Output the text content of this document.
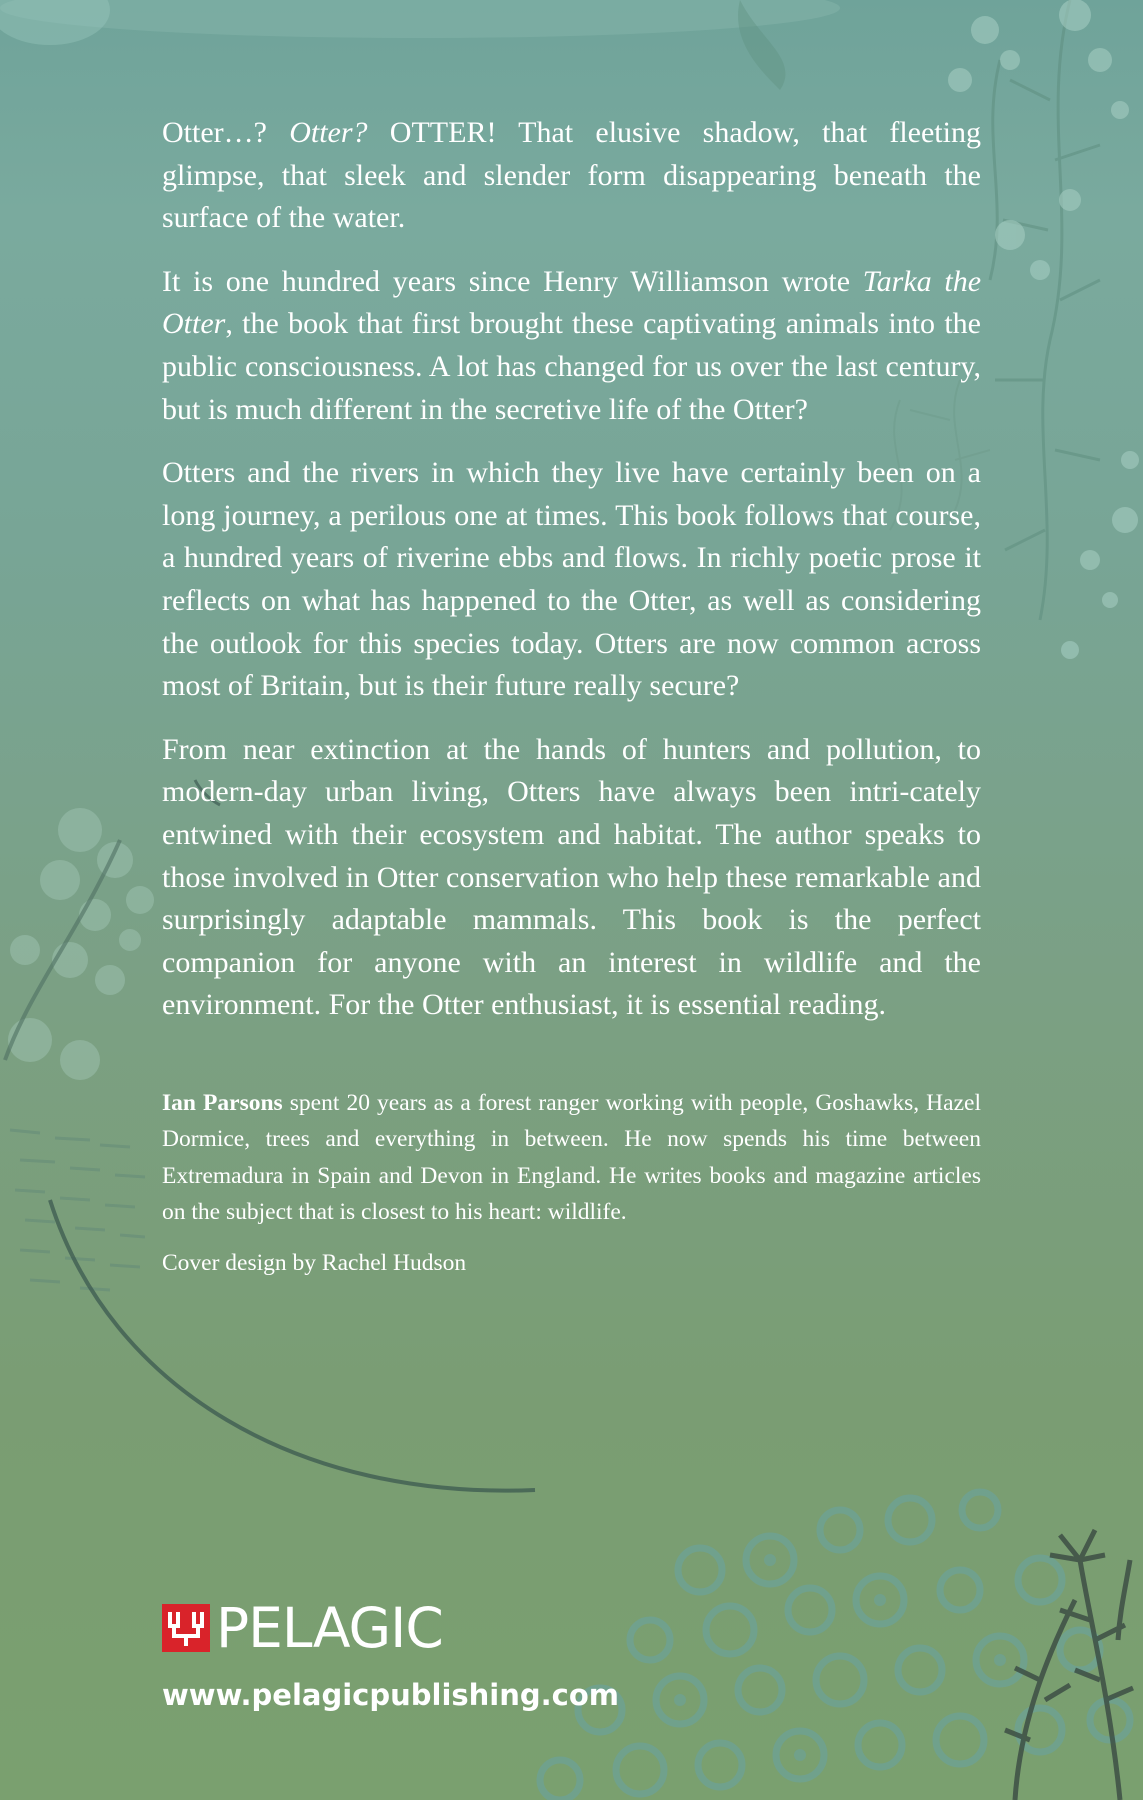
Otter…? Otter? OTTER! That elusive shadow, that fleeting glimpse, that sleek and slender form disappearing beneath the surface of the water.

It is one hundred years since Henry Williamson wrote Tarka the Otter, the book that first brought these captivating animals into the public consciousness. A lot has changed for us over the last century, but is much different in the secretive life of the Otter?

Otters and the rivers in which they live have certainly been on a long journey, a perilous one at times. This book follows that course, a hundred years of riverine ebbs and flows. In richly poetic prose it reflects on what has happened to the Otter, as well as considering the outlook for this species today. Otters are now common across most of Britain, but is their future really secure?

From near extinction at the hands of hunters and pollution, to modern-day urban living, Otters have always been intri-cately entwined with their ecosystem and habitat. The author speaks to those involved in Otter conservation who help these remarkable and surprisingly adaptable mammals. This book is the perfect companion for anyone with an interest in wildlife and the environment. For the Otter enthusiast, it is essential reading.

Ian Parsons spent 20 years as a forest ranger working with people, Goshawks, Hazel Dormice, trees and everything in between. He now spends his time between Extremadura in Spain and Devon in England. He writes books and magazine articles on the subject that is closest to his heart: wildlife.

Cover design by Rachel Hudson

PELAGIC
www.pelagicpublishing.com
